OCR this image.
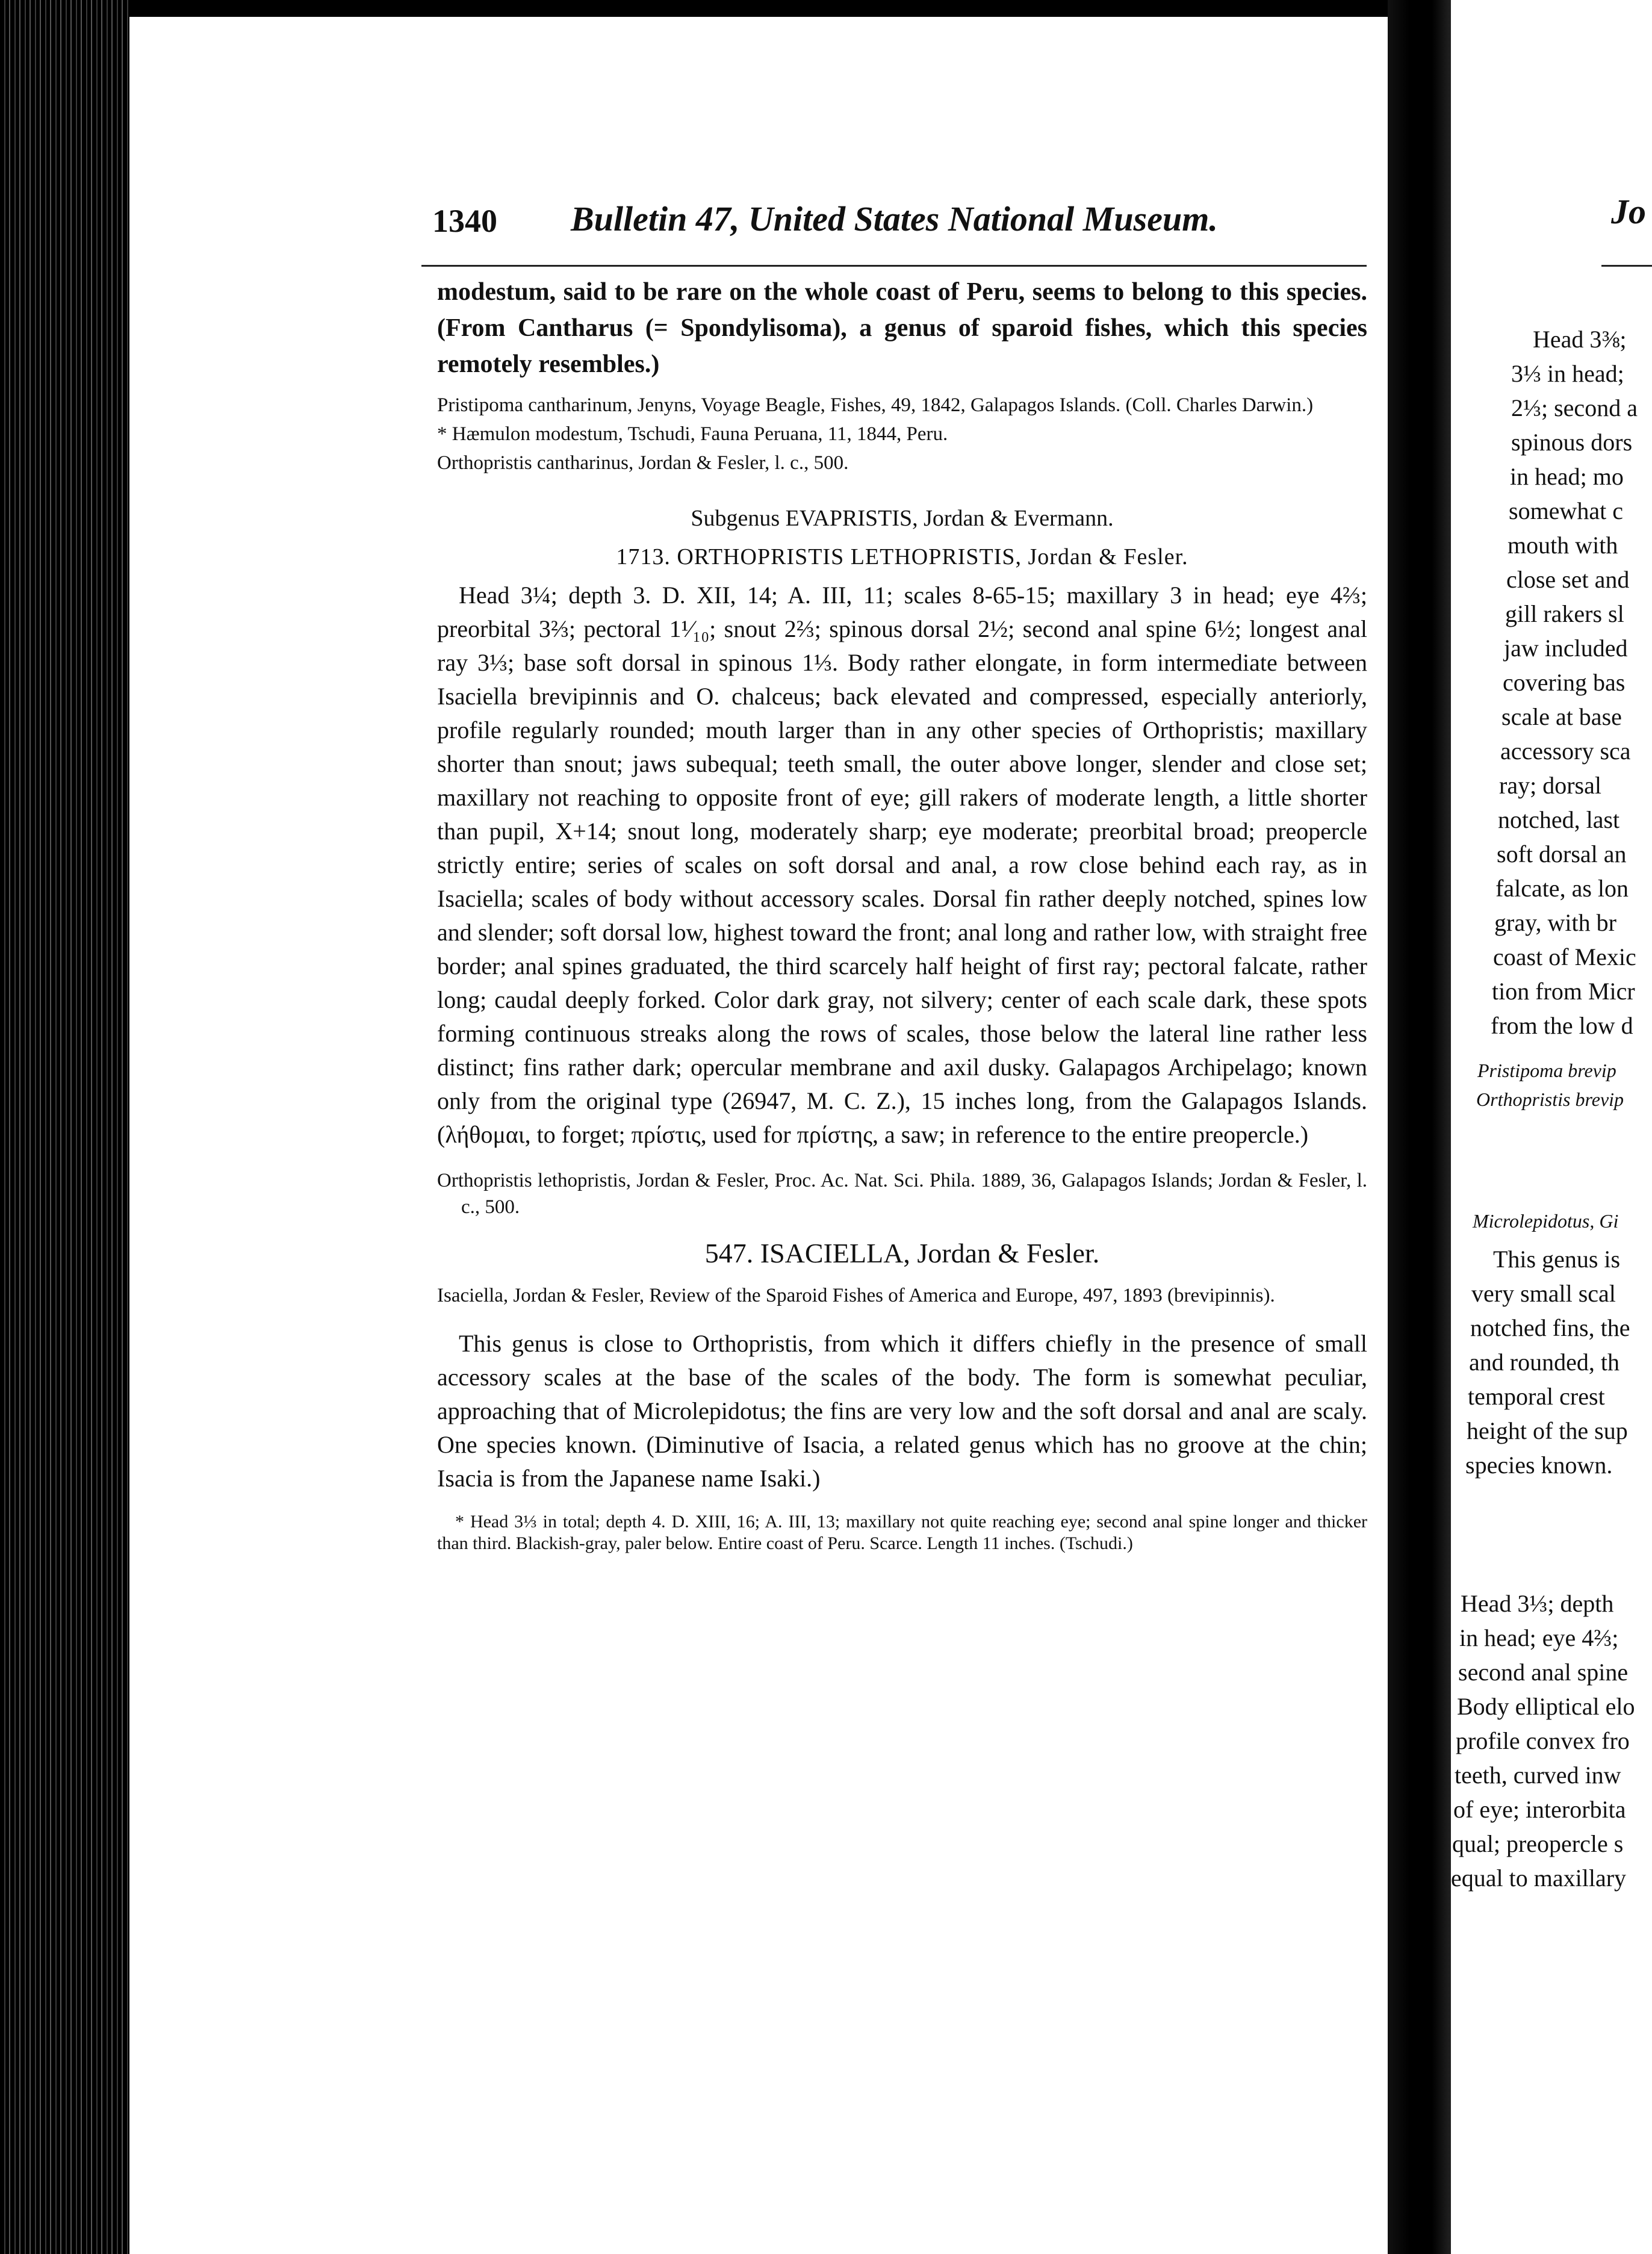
1340 Bulletin 47, United States National Museum.

modestum, said to be rare on the whole coast of Peru, seems to belong to this species. (From Cantharus (= Spondylisoma), a genus of sparoid fishes, which this species remotely resembles.)

Pristipoma cantharinum, Jenyns, Voyage Beagle, Fishes, 49, 1842, Galapagos Islands. (Coll. Charles Darwin.)

* Hæmulon modestum, Tschudi, Fauna Peruana, 11, 1844, Peru.

Orthopristis cantharinus, Jordan & Fesler, l. c., 500.

Subgenus EVAPRISTIS, Jordan & Evermann.

1713. ORTHOPRISTIS LETHOPRISTIS, Jordan & Fesler.

Head 3¼; depth 3. D. XII, 14; A. III, 11; scales 8-65-15; maxillary 3 in head; eye 4⅔; preorbital 3⅔; pectoral 1¹⁄₁₀; snout 2⅔; spinous dorsal 2½; second anal spine 6½; longest anal ray 3⅓; base soft dorsal in spinous 1⅓. Body rather elongate, in form intermediate between Isaciella brevipinnis and O. chalceus; back elevated and compressed, especially anteriorly, profile regularly rounded; mouth larger than in any other species of Orthopristis; maxillary shorter than snout; jaws subequal; teeth small, the outer above longer, slender and close set; maxillary not reaching to opposite front of eye; gill rakers of moderate length, a little shorter than pupil, X+14; snout long, moderately sharp; eye moderate; preorbital broad; preopercle strictly entire; series of scales on soft dorsal and anal, a row close behind each ray, as in Isaciella; scales of body without accessory scales. Dorsal fin rather deeply notched, spines low and slender; soft dorsal low, highest toward the front; anal long and rather low, with straight free border; anal spines graduated, the third scarcely half height of first ray; pectoral falcate, rather long; caudal deeply forked. Color dark gray, not silvery; center of each scale dark, these spots forming continuous streaks along the rows of scales, those below the lateral line rather less distinct; fins rather dark; opercular membrane and axil dusky. Galapagos Archipelago; known only from the original type (26947, M. C. Z.), 15 inches long, from the Galapagos Islands. (λήθομαι, to forget; πρίστις, used for πρίστης, a saw; in reference to the entire preopercle.)

Orthopristis lethopristis, Jordan & Fesler, Proc. Ac. Nat. Sci. Phila. 1889, 36, Galapagos Islands; Jordan & Fesler, l. c., 500.

547. ISACIELLA, Jordan & Fesler.

Isaciella, Jordan & Fesler, Review of the Sparoid Fishes of America and Europe, 497, 1893 (brevipinnis).

This genus is close to Orthopristis, from which it differs chiefly in the presence of small accessory scales at the base of the scales of the body. The form is somewhat peculiar, approaching that of Microlepidotus; the fins are very low and the soft dorsal and anal are scaly. One species known. (Diminutive of Isacia, a related genus which has no groove at the chin; Isacia is from the Japanese name Isaki.)

* Head 3⅓ in total; depth 4. D. XIII, 16; A. III, 13; maxillary not quite reaching eye; second anal spine longer and thicker than third. Blackish-gray, paler below. Entire coast of Peru. Scarce. Length 11 inches. (Tschudi.)

Jo
Head 3⅜;
3⅓ in head;
2⅓; second a
spinous dors
in head; mo
somewhat c
mouth with
close set and
gill rakers sl
jaw included
covering bas
scale at base
accessory sca
ray; dorsal
notched, last
soft dorsal an
falcate, as lon
gray, with br
coast of Mexic
tion from Micr
from the low d
Pristipoma brevip
Orthopristis brevip
Microlepidotus, Gi
This genus is
very small scal
notched fins, the
and rounded, th
temporal crest
height of the sup
species known.
Head 3⅓; depth
in head; eye 4⅔;
second anal spine
Body elliptical elo
profile convex fro
teeth, curved inw
of eye; interorbita
qual; preopercle s
equal to maxillary
